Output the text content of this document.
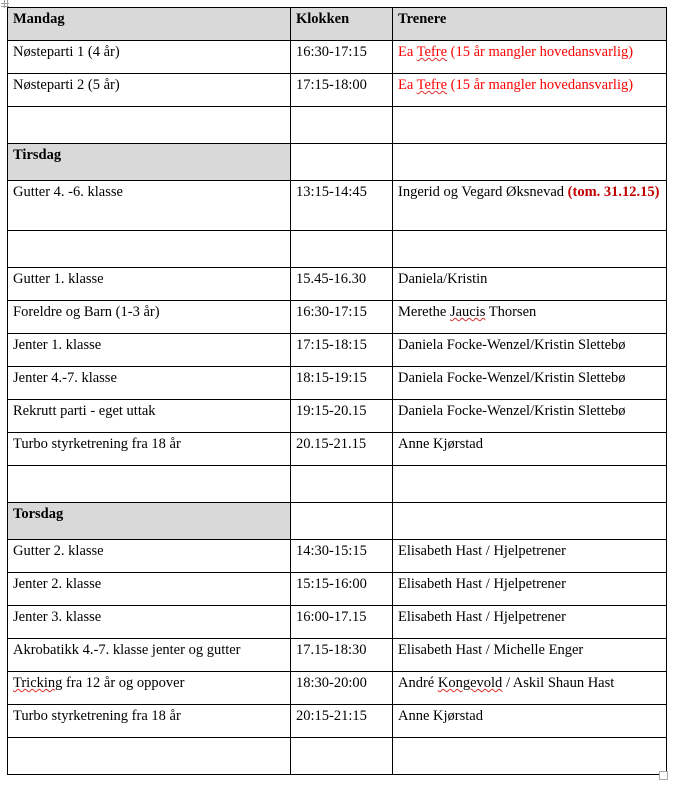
Mandag	Klokken	Trenere
Nøsteparti 1 (4 år)	16:30-17:15	Ea Tefre (15 år mangler hovedansvarlig)
Nøsteparti 2 (5 år)	17:15-18:00	Ea Tefre (15 år mangler hovedansvarlig)

Tirsdag		
Gutter 4. -6. klasse	13:15-14:45	Ingerid og Vegard Øksnevad (tom. 31.12.15)

Gutter 1. klasse	15.45-16.30	Daniela/Kristin
Foreldre og Barn (1-3 år)	16:30-17:15	Merethe Jaucis Thorsen
Jenter 1. klasse	17:15-18:15	Daniela Focke-Wenzel/Kristin Slettebø
Jenter 4.-7. klasse	18:15-19:15	Daniela Focke-Wenzel/Kristin Slettebø
Rekrutt parti - eget uttak	19:15-20.15	Daniela Focke-Wenzel/Kristin Slettebø
Turbo styrketrening fra 18 år	20.15-21.15	Anne Kjørstad

Torsdag		
Gutter 2. klasse	14:30-15:15	Elisabeth Hast / Hjelpetrener
Jenter 2. klasse	15:15-16:00	Elisabeth Hast / Hjelpetrener
Jenter 3. klasse	16:00-17.15	Elisabeth Hast / Hjelpetrener
Akrobatikk 4.-7. klasse jenter og gutter	17.15-18:30	Elisabeth Hast / Michelle Enger
Tricking fra 12 år og oppover	18:30-20:00	André Kongevold / Askil Shaun Hast
Turbo styrketrening fra 18 år	20:15-21:15	Anne Kjørstad
